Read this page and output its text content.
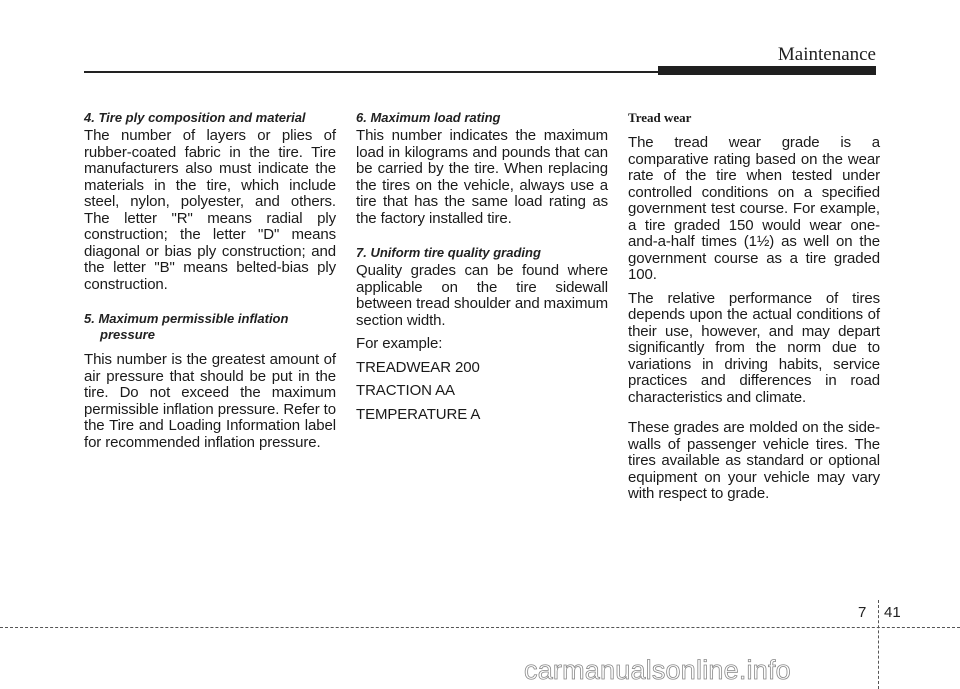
Maintenance

4. Tire ply composition and material

The number of layers or plies of rubber-coated fabric in the tire. Tire manufacturers also must indicate the materials in the tire, which include steel, nylon, polyester, and others. The letter "R" means radial ply construction; the letter "D" means diagonal or bias ply construction; and the letter "B" means belted-bias ply construction.

5. Maximum permissible inflation pressure

This number is the greatest amount of air pressure that should be put in the tire. Do not exceed the maximum permissible inflation pressure. Refer to the Tire and Loading Information label for recommended inflation pressure.

6. Maximum load rating

This number indicates the maximum load in kilograms and pounds that can be carried by the tire. When replacing the tires on the vehicle, always use a tire that has the same load rating as the factory installed tire.

7. Uniform tire quality grading

Quality grades can be found where applicable on the tire sidewall between tread shoulder and maximum section width.

For example:

TREADWEAR 200

TRACTION AA

TEMPERATURE A

Tread wear

The tread wear grade is a comparative rating based on the wear rate of the tire when tested under controlled conditions on a specified government test course. For example, a tire graded 150 would wear one-and-a-half times (1½) as well on the government course as a tire graded 100.

The relative performance of tires depends upon the actual conditions of their use, however, and may depart significantly from the norm due to variations in driving habits, service practices and differences in road characteristics and climate.

These grades are molded on the side-walls of passenger vehicle tires. The tires available as standard or optional equipment on your vehicle may vary with respect to grade.

7 41
carmanualsonline.info
